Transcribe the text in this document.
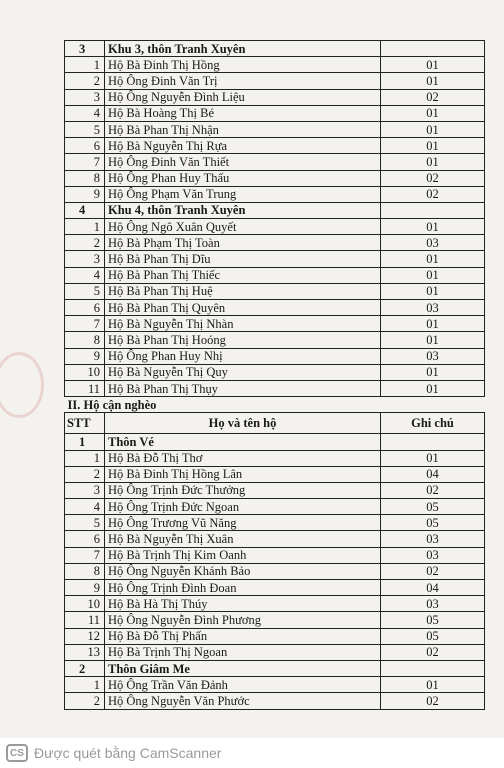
3	Khu 3, thôn Tranh Xuyên	
1	Hộ Bà Đinh Thị Hồng	01
2	Hộ Ông Đinh Văn Trị	01
3	Hộ Ông Nguyễn Đình Liệu	02
4	Hộ Bà Hoàng Thị Bé	01
5	Hộ Bà Phan Thị Nhận	01
6	Hộ Bà Nguyễn Thị Rựa	01
7	Hộ Ông Đinh Văn Thiết	01
8	Hộ Ông Phan Huy Thấu	02
9	Hộ Ông Phạm Văn Trung	02
4	Khu 4, thôn Tranh Xuyên	
1	Hộ Ông Ngô Xuân Quyết	01
2	Hộ Bà Phạm Thị Toàn	03
3	Hộ Bà Phan Thị Dĩu	01
4	Hộ Bà Phan Thị Thiếc	01
5	Hộ Bà Phan Thị Huệ	01
6	Hộ Bà Phan Thị Quyên	03
7	Hộ Bà Nguyễn Thị Nhàn	01
8	Hộ Bà Phan Thị Hoóng	01
9	Hộ Ông Phan Huy Nhị	03
10	Hộ Bà Nguyễn Thị Quy	01
11	Hộ Bà Phan Thị Thụy	01
II. Hộ cận nghèo		
STT	Họ và tên hộ	Ghi chú
1	Thôn Vé	
1	Hộ Bà Đỗ Thị Thơ	01
2	Hộ Bà Đinh Thị Hồng Lân	04
3	Hộ Ông Trịnh Đức Thưởng	02
4	Hộ Ông Trịnh Đức Ngoan	05
5	Hộ Ông Trương Vũ Năng	05
6	Hộ Bà Nguyễn Thị Xuân	03
7	Hộ Bà Trịnh Thị Kim Oanh	03
8	Hộ Ông Nguyễn Khánh Bảo	02
9	Hộ Ông Trịnh Đình Đoan	04
10	Hộ Bà Hà Thị Thúy	03
11	Hộ Ông Nguyễn Đình Phương	05
12	Hộ Bà Đỗ Thị Phấn	05
13	Hộ Bà Trịnh Thị Ngoan	02
2	Thôn Giâm Me	
1	Hộ Ông Trần Văn Đảnh	01
2	Hộ Ông Nguyễn Văn Phước	02
CS Được quét bằng CamScanner
